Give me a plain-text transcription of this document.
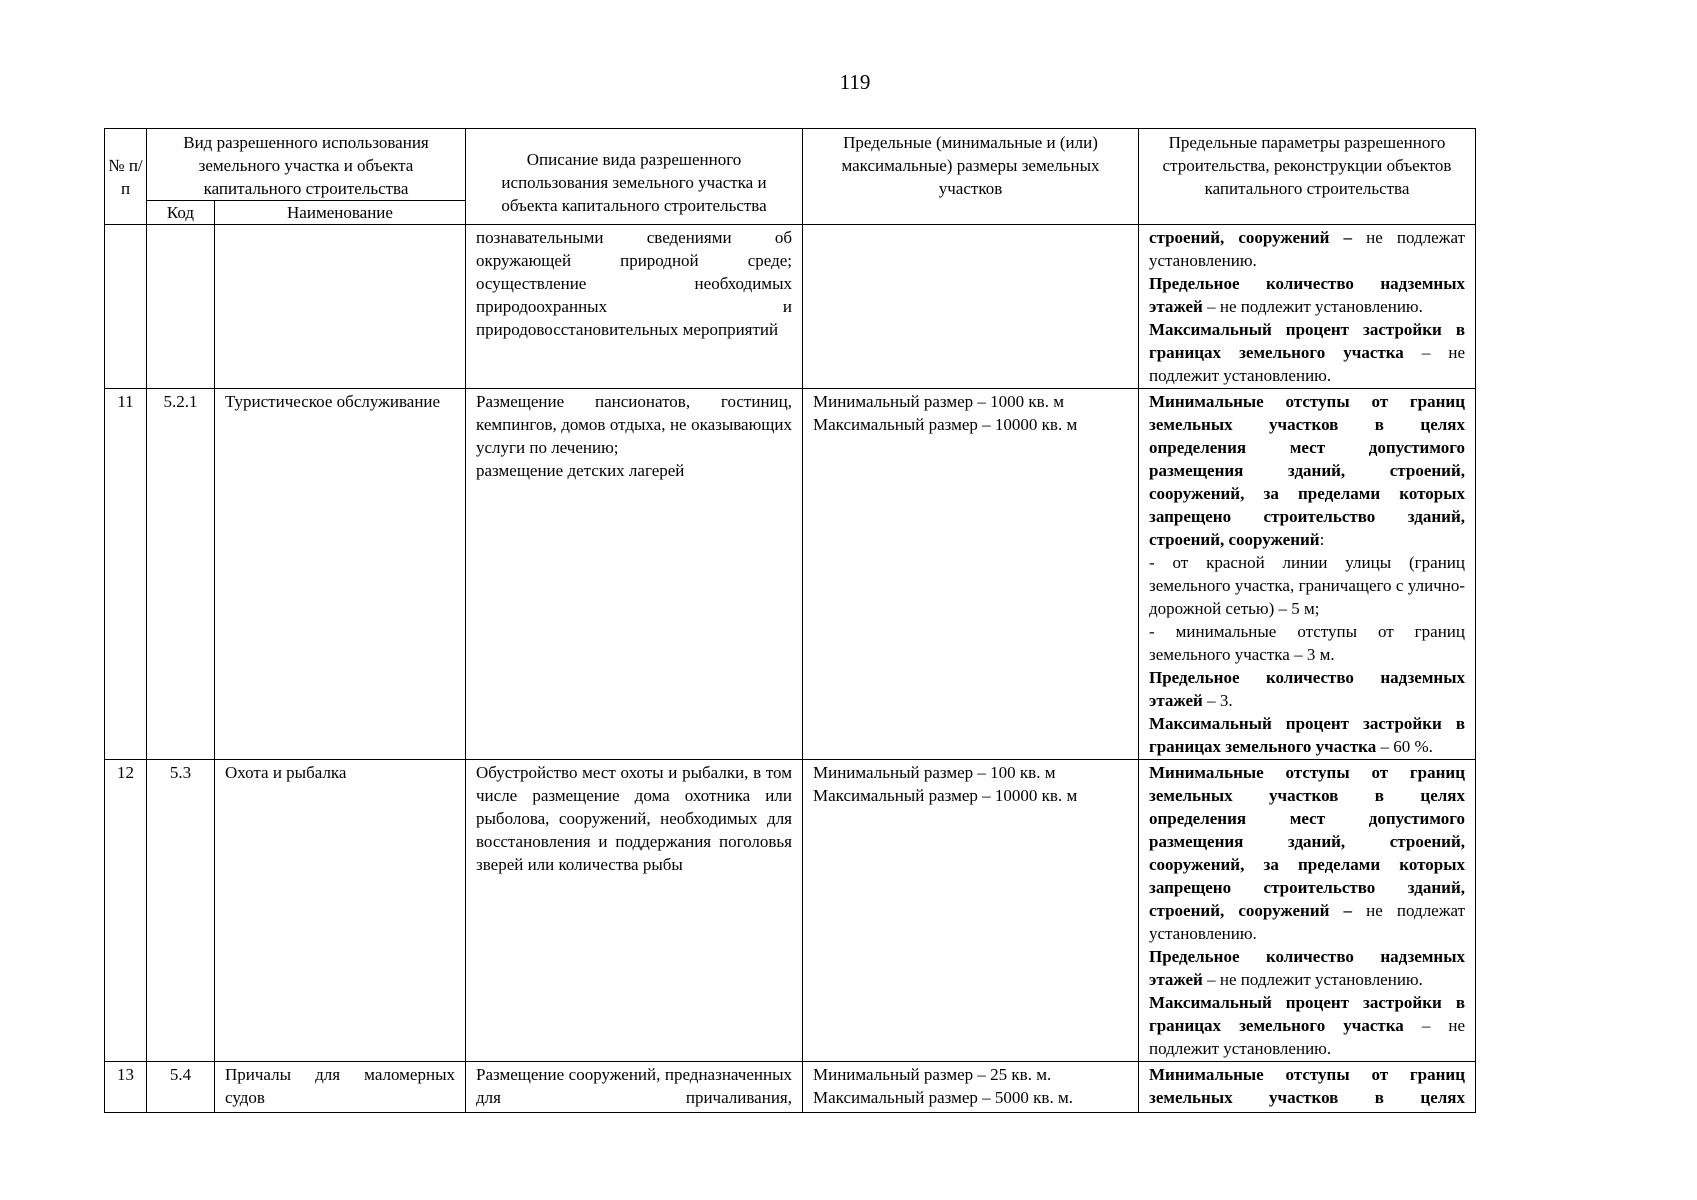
119
№ п/п	Вид разрешенного использования земельного участка и объекта капитального строительства		Описание вида разрешенного использования земельного участка и объекта капитального строительства	Предельные (минимальные и (или) максимальные) размеры земельных участков	Предельные параметры разрешенного строительства, реконструкции объектов капитального строительства
	Код	Наименование			
			познавательными сведениями об окружающей природной среде; осуществление необходимых природоохранных и природовосстановительных мероприятий		строений, сооружений – не подлежат установлению.
Предельное количество надземных этажей – не подлежит установлению.
Максимальный процент застройки в границах земельного участка – не подлежит установлению.
11	5.2.1	Туристическое обслуживание	Размещение пансионатов, гостиниц, кемпингов, домов отдыха, не оказывающих услуги по лечению;
размещение детских лагерей	Минимальный размер – 1000 кв. м
Максимальный размер – 10000 кв. м	Минимальные отступы от границ земельных участков в целях определения мест допустимого размещения зданий, строений, сооружений, за пределами которых запрещено строительство зданий, строений, сооружений:
- от красной линии улицы (границ земельного участка, граничащего с улично-дорожной сетью) – 5 м;
- минимальные отступы от границ земельного участка – 3 м.
Предельное количество надземных этажей – 3.
Максимальный процент застройки в границах земельного участка – 60 %.
12	5.3	Охота и рыбалка	Обустройство мест охоты и рыбалки, в том числе размещение дома охотника или рыболова, сооружений, необходимых для восстановления и поддержания поголовья зверей или количества рыбы	Минимальный размер – 100 кв. м
Максимальный размер – 10000 кв. м	Минимальные отступы от границ земельных участков в целях определения мест допустимого размещения зданий, строений, сооружений, за пределами которых запрещено строительство зданий, строений, сооружений – не подлежат установлению.
Предельное количество надземных этажей – не подлежит установлению.
Максимальный процент застройки в границах земельного участка – не подлежит установлению.
13	5.4	Причалы для маломерных судов	Размещение сооружений, предназначенных для причаливания,	Минимальный размер – 25 кв. м.
Максимальный размер – 5000 кв. м.	Минимальные отступы от границ земельных участков в целях
